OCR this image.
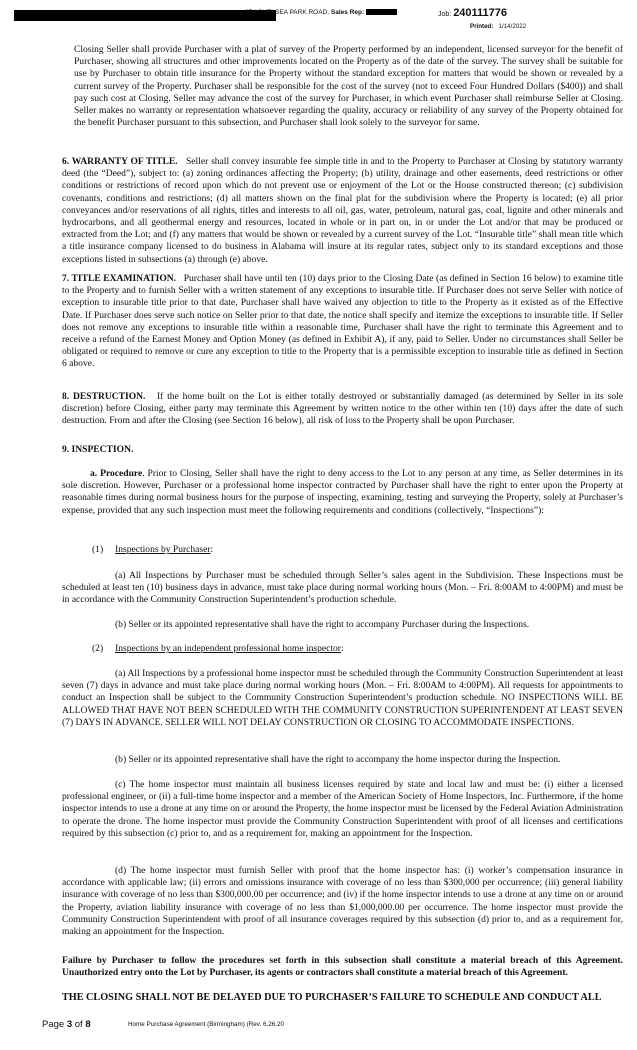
274 CHELSEA PARK ROAD, Sales Rep:	Job: 240111776
Printed: 1/14/2022

Closing Seller shall provide Purchaser with a plat of survey of the Property performed by an independent, licensed surveyor for the benefit of Purchaser, showing all structures and other improvements located on the Property as of the date of the survey. The survey shall be suitable for use by Purchaser to obtain title insurance for the Property without the standard exception for matters that would be shown or revealed by a current survey of the Property. Purchaser shall be responsible for the cost of the survey (not to exceed Four Hundred Dollars ($400)) and shall pay such cost at Closing. Seller may advance the cost of the survey for Purchaser, in which event Purchaser shall reimburse Seller at Closing. Seller makes no warranty or representation whatsoever regarding the quality, accuracy or reliability of any survey of the Property obtained for the benefit Purchaser pursuant to this subsection, and Purchaser shall look solely to the surveyor for same.

6. WARRANTY OF TITLE. Seller shall convey insurable fee simple title in and to the Property to Purchaser at Closing by statutory warranty deed (the “Deed”), subject to: (a) zoning ordinances affecting the Property; (b) utility, drainage and other easements, deed restrictions or other conditions or restrictions of record upon which do not prevent use or enjoyment of the Lot or the House constructed thereon; (c) subdivision covenants, conditions and restrictions; (d) all matters shown on the final plat for the subdivision where the Property is located; (e) all prior conveyances and/or reservations of all rights, titles and interests to all oil, gas, water, petroleum, natural gas, coal, lignite and other minerals and hydrocarbons, and all geothermal energy and resources, located in whole or in part on, in or under the Lot and/or that may be produced or extracted from the Lot; and (f) any matters that would be shown or revealed by a current survey of the Lot. “Insurable title” shall mean title which a title insurance company licensed to do business in Alabama will insure at its regular rates, subject only to its standard exceptions and those exceptions listed in subsections (a) through (e) above.

7. TITLE EXAMINATION. Purchaser shall have until ten (10) days prior to the Closing Date (as defined in Section 16 below) to examine title to the Property and to furnish Seller with a written statement of any exceptions to insurable title. If Purchaser does not serve Seller with notice of exception to insurable title prior to that date, Purchaser shall have waived any objection to title to the Property as it existed as of the Effective Date. If Purchaser does serve such notice on Seller prior to that date, the notice shall specify and itemize the exceptions to insurable title. If Seller does not remove any exceptions to insurable title within a reasonable time, Purchaser shall have the right to terminate this Agreement and to receive a refund of the Earnest Money and Option Money (as defined in Exhibit A), if any, paid to Seller. Under no circumstances shall Seller be obligated or required to remove or cure any exception to title to the Property that is a permissible exception to insurable title as defined in Section 6 above.

8. DESTRUCTION. If the home built on the Lot is either totally destroyed or substantially damaged (as determined by Seller in its sole discretion) before Closing, either party may terminate this Agreement by written notice to the other within ten (10) days after the date of such destruction. From and after the Closing (see Section 16 below), all risk of loss to the Property shall be upon Purchaser.

9. INSPECTION.

a. Procedure. Prior to Closing, Seller shall have the right to deny access to the Lot to any person at any time, as Seller determines in its sole discretion. However, Purchaser or a professional home inspector contracted by Purchaser shall have the right to enter upon the Property at reasonable times during normal business hours for the purpose of inspecting, examining, testing and surveying the Property, solely at Purchaser’s expense, provided that any such inspection must meet the following requirements and conditions (collectively, “Inspections”):

(1) Inspections by Purchaser:

(a) All Inspections by Purchaser must be scheduled through Seller’s sales agent in the Subdivision. These Inspections must be scheduled at least ten (10) business days in advance, must take place during normal working hours (Mon. – Fri. 8:00AM to 4:00PM) and must be in accordance with the Community Construction Superintendent’s production schedule.

(b) Seller or its appointed representative shall have the right to accompany Purchaser during the Inspections.

(2) Inspections by an independent professional home inspector:

(a) All Inspections by a professional home inspector must be scheduled through the Community Construction Superintendent at least seven (7) days in advance and must take place during normal working hours (Mon. – Fri. 8:00AM to 4:00PM). All requests for appointments to conduct an Inspection shall be subject to the Community Construction Superintendent’s production schedule. NO INSPECTIONS WILL BE ALLOWED THAT HAVE NOT BEEN SCHEDULED WITH THE COMMUNITY CONSTRUCTION SUPERINTENDENT AT LEAST SEVEN (7) DAYS IN ADVANCE. SELLER WILL NOT DELAY CONSTRUCTION OR CLOSING TO ACCOMMODATE INSPECTIONS.

(b) Seller or its appointed representative shall have the right to accompany the home inspector during the Inspection.

(c) The home inspector must maintain all business licenses required by state and local law and must be: (i) either a licensed professional engineer, or (ii) a full-time home inspector and a member of the American Society of Home Inspectors, Inc. Furthermore, if the home inspector intends to use a drone at any time on or around the Property, the home inspector must be licensed by the Federal Aviation Administration to operate the drone. The home inspector must provide the Community Construction Superintendent with proof of all licenses and certifications required by this subsection (c) prior to, and as a requirement for, making an appointment for the Inspection.

(d) The home inspector must furnish Seller with proof that the home inspector has: (i) worker’s compensation insurance in accordance with applicable law; (ii) errors and omissions insurance with coverage of no less than $300,000 per occurrence; (iii) general liability insurance with coverage of no less than $300,000.00 per occurrence; and (iv) if the home inspector intends to use a drone at any time on or around the Property, aviation liability insurance with coverage of no less than $1,000,000.00 per occurrence. The home inspector must provide the Community Construction Superintendent with proof of all insurance coverages required by this subsection (d) prior to, and as a requirement for, making an appointment for the Inspection.

Failure by Purchaser to follow the procedures set forth in this subsection shall constitute a material breach of this Agreement. Unauthorized entry onto the Lot by Purchaser, its agents or contractors shall constitute a material breach of this Agreement.

THE CLOSING SHALL NOT BE DELAYED DUE TO PURCHASER’S FAILURE TO SCHEDULE AND CONDUCT ALL

Page 3 of 8	Home Purchase Agreement (Birmingham) (Rev. 6.26.20
